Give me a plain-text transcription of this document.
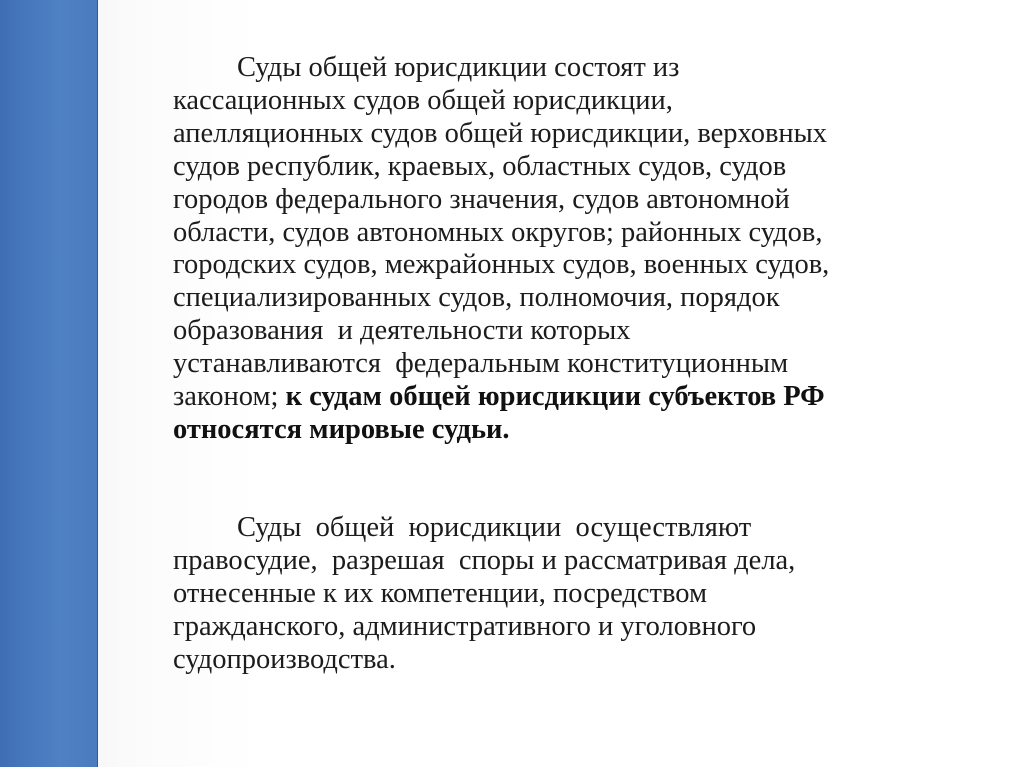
Суды общей юрисдикции состоят из
кассационных судов общей юрисдикции,
апелляционных судов общей юрисдикции, верховных
судов республик, краевых, областных судов, судов
городов федерального значения, судов автономной
области, судов автономных округов; районных судов,
городских судов, межрайонных судов, военных судов,
специализированных судов, полномочия, порядок
образования  и деятельности которых
устанавливаются  федеральным конституционным
законом; к судам общей юрисдикции субъектов РФ
относятся мировые судьи.

Суды  общей  юрисдикции  осуществляют
правосудие,  разрешая  споры и рассматривая дела,
отнесенные к их компетенции, посредством
гражданского, административного и уголовного
судопроизводства.
